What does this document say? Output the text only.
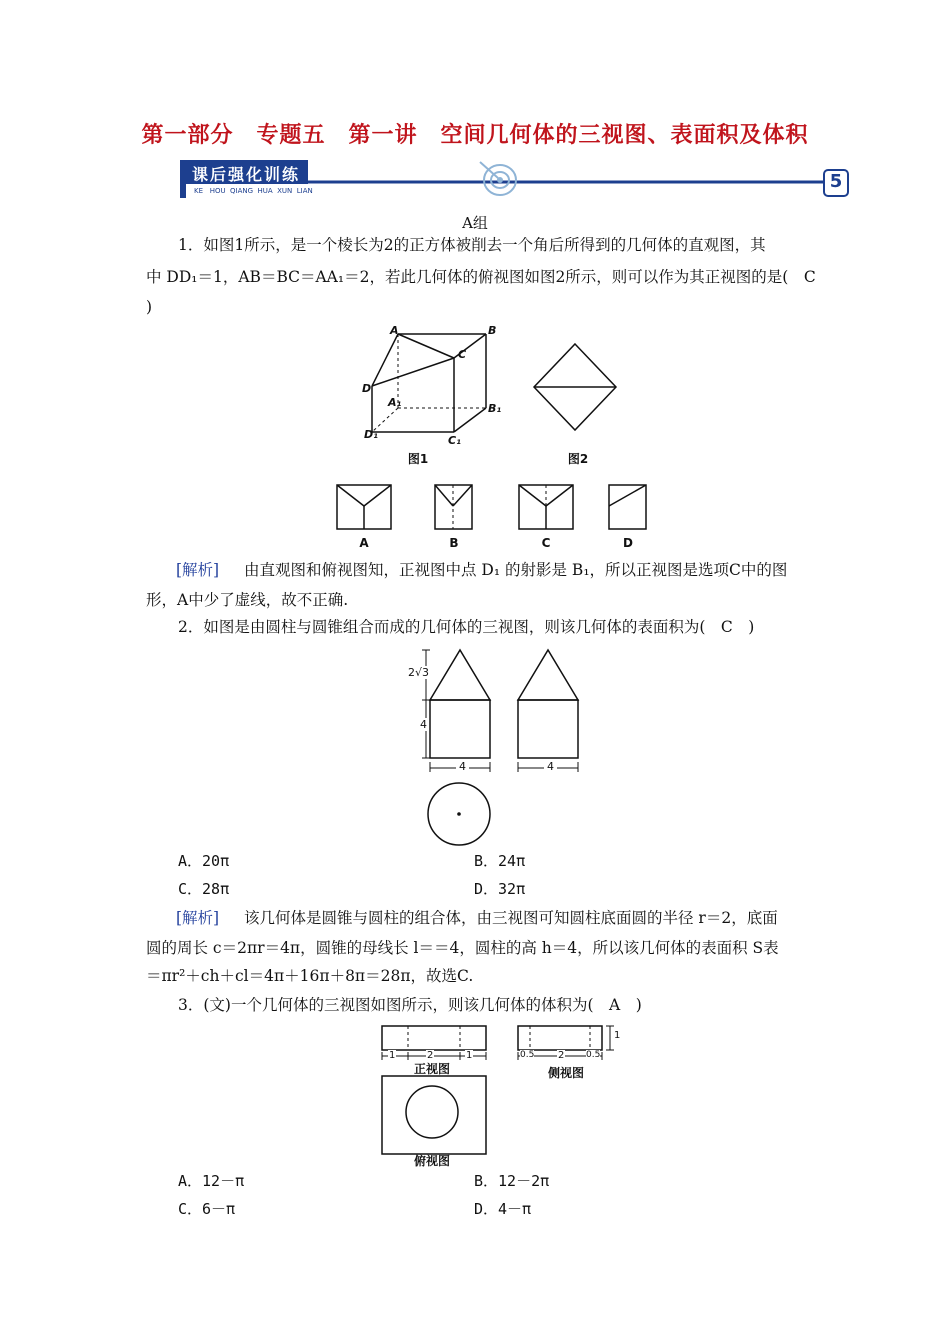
第一部分　专题五　第一讲　空间几何体的三视图、表面积及体积
课后强化训练
KE   HOU  QIANG  HUA  XUN  LIAN	5
A组
1．如图1所示，是一个棱长为2的正方体被削去一个角后所得到的几何体的直观图，其
中 DD₁＝1，AB＝BC＝AA₁＝2，若此几何体的俯视图如图2所示，则可以作为其正视图的是(　C
)
A	B
C
D
A₁	B₁
C₁
D₁
图1	图2
A	B	C	D
[解析] 由直观图和俯视图知，正视图中点 D₁ 的射影是 B₁，所以正视图是选项C中的图
形，A中少了虚线，故不正确.
2．如图是由圆柱与圆锥组合而成的几何体的三视图，则该几何体的表面积为(　C　)
2√3
4
4	4
A．20π	B．24π
C．28π	D．32π
[解析] 该几何体是圆锥与圆柱的组合体，由三视图可知圆柱底面圆的半径 r＝2，底面
圆的周长 c＝2πr＝4π，圆锥的母线长 l＝＝4，圆柱的高 h＝4，所以该几何体的表面积 S表
＝πr²＋ch＋cl＝4π＋16π＋8π＝28π，故选C.
3．(文)一个几何体的三视图如图所示，则该几何体的体积为(　A　)
1	2	1	0.5 2 0.5
1
正视图	侧视图
俯视图
A．12－π	B．12－2π
C．6－π	D．4－π
